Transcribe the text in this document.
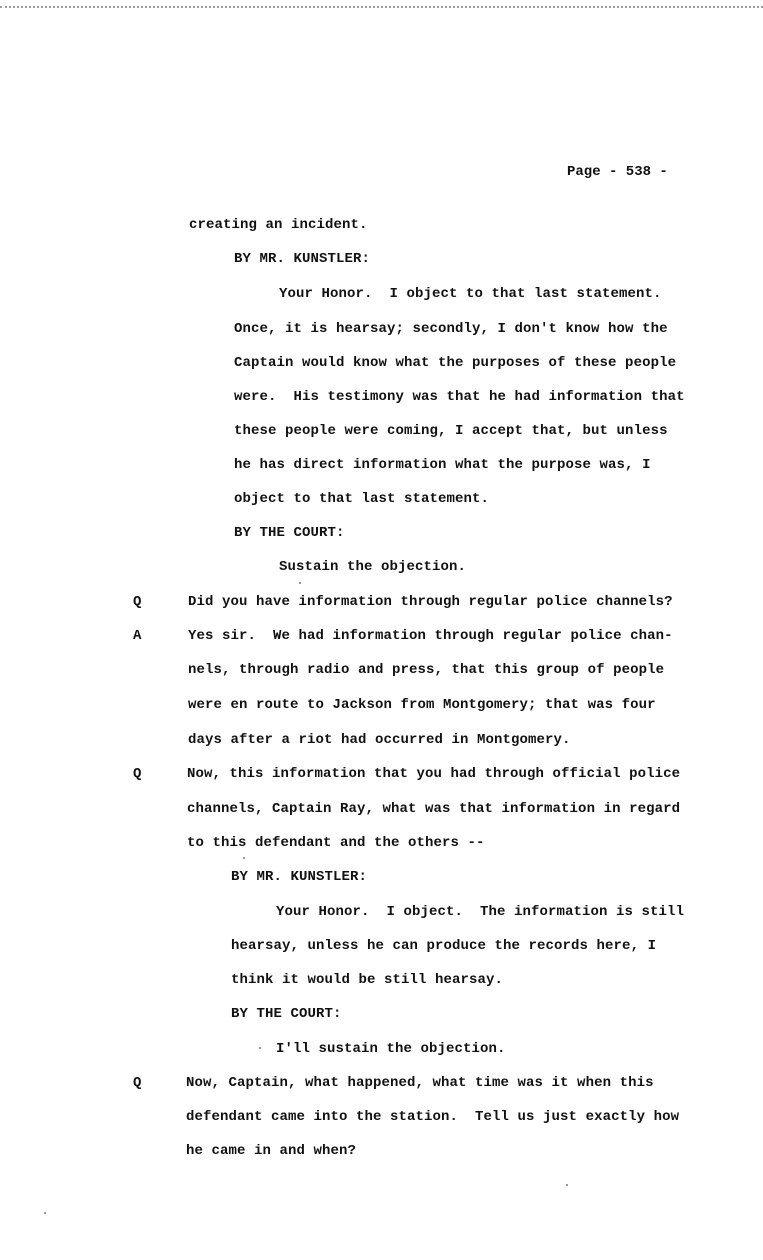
Page - 538 -
creating an incident.
BY MR. KUNSTLER:
Your Honor.  I object to that last statement.
Once, it is hearsay; secondly, I don't know how the
Captain would know what the purposes of these people
were.  His testimony was that he had information that
these people were coming, I accept that, but unless
he has direct information what the purpose was, I
object to that last statement.
BY THE COURT:
Sustain the objection.
Q	Did you have information through regular police channels?
A	Yes sir.  We had information through regular police chan-
nels, through radio and press, that this group of people
were en route to Jackson from Montgomery; that was four
days after a riot had occurred in Montgomery.
Q	Now, this information that you had through official police
channels, Captain Ray, what was that information in regard
to this defendant and the others --
BY MR. KUNSTLER:
Your Honor.  I object.  The information is still
hearsay, unless he can produce the records here, I
think it would be still hearsay.
BY THE COURT:
I'll sustain the objection.
Q	Now, Captain, what happened, what time was it when this
defendant came into the station.  Tell us just exactly how
he came in and when?
